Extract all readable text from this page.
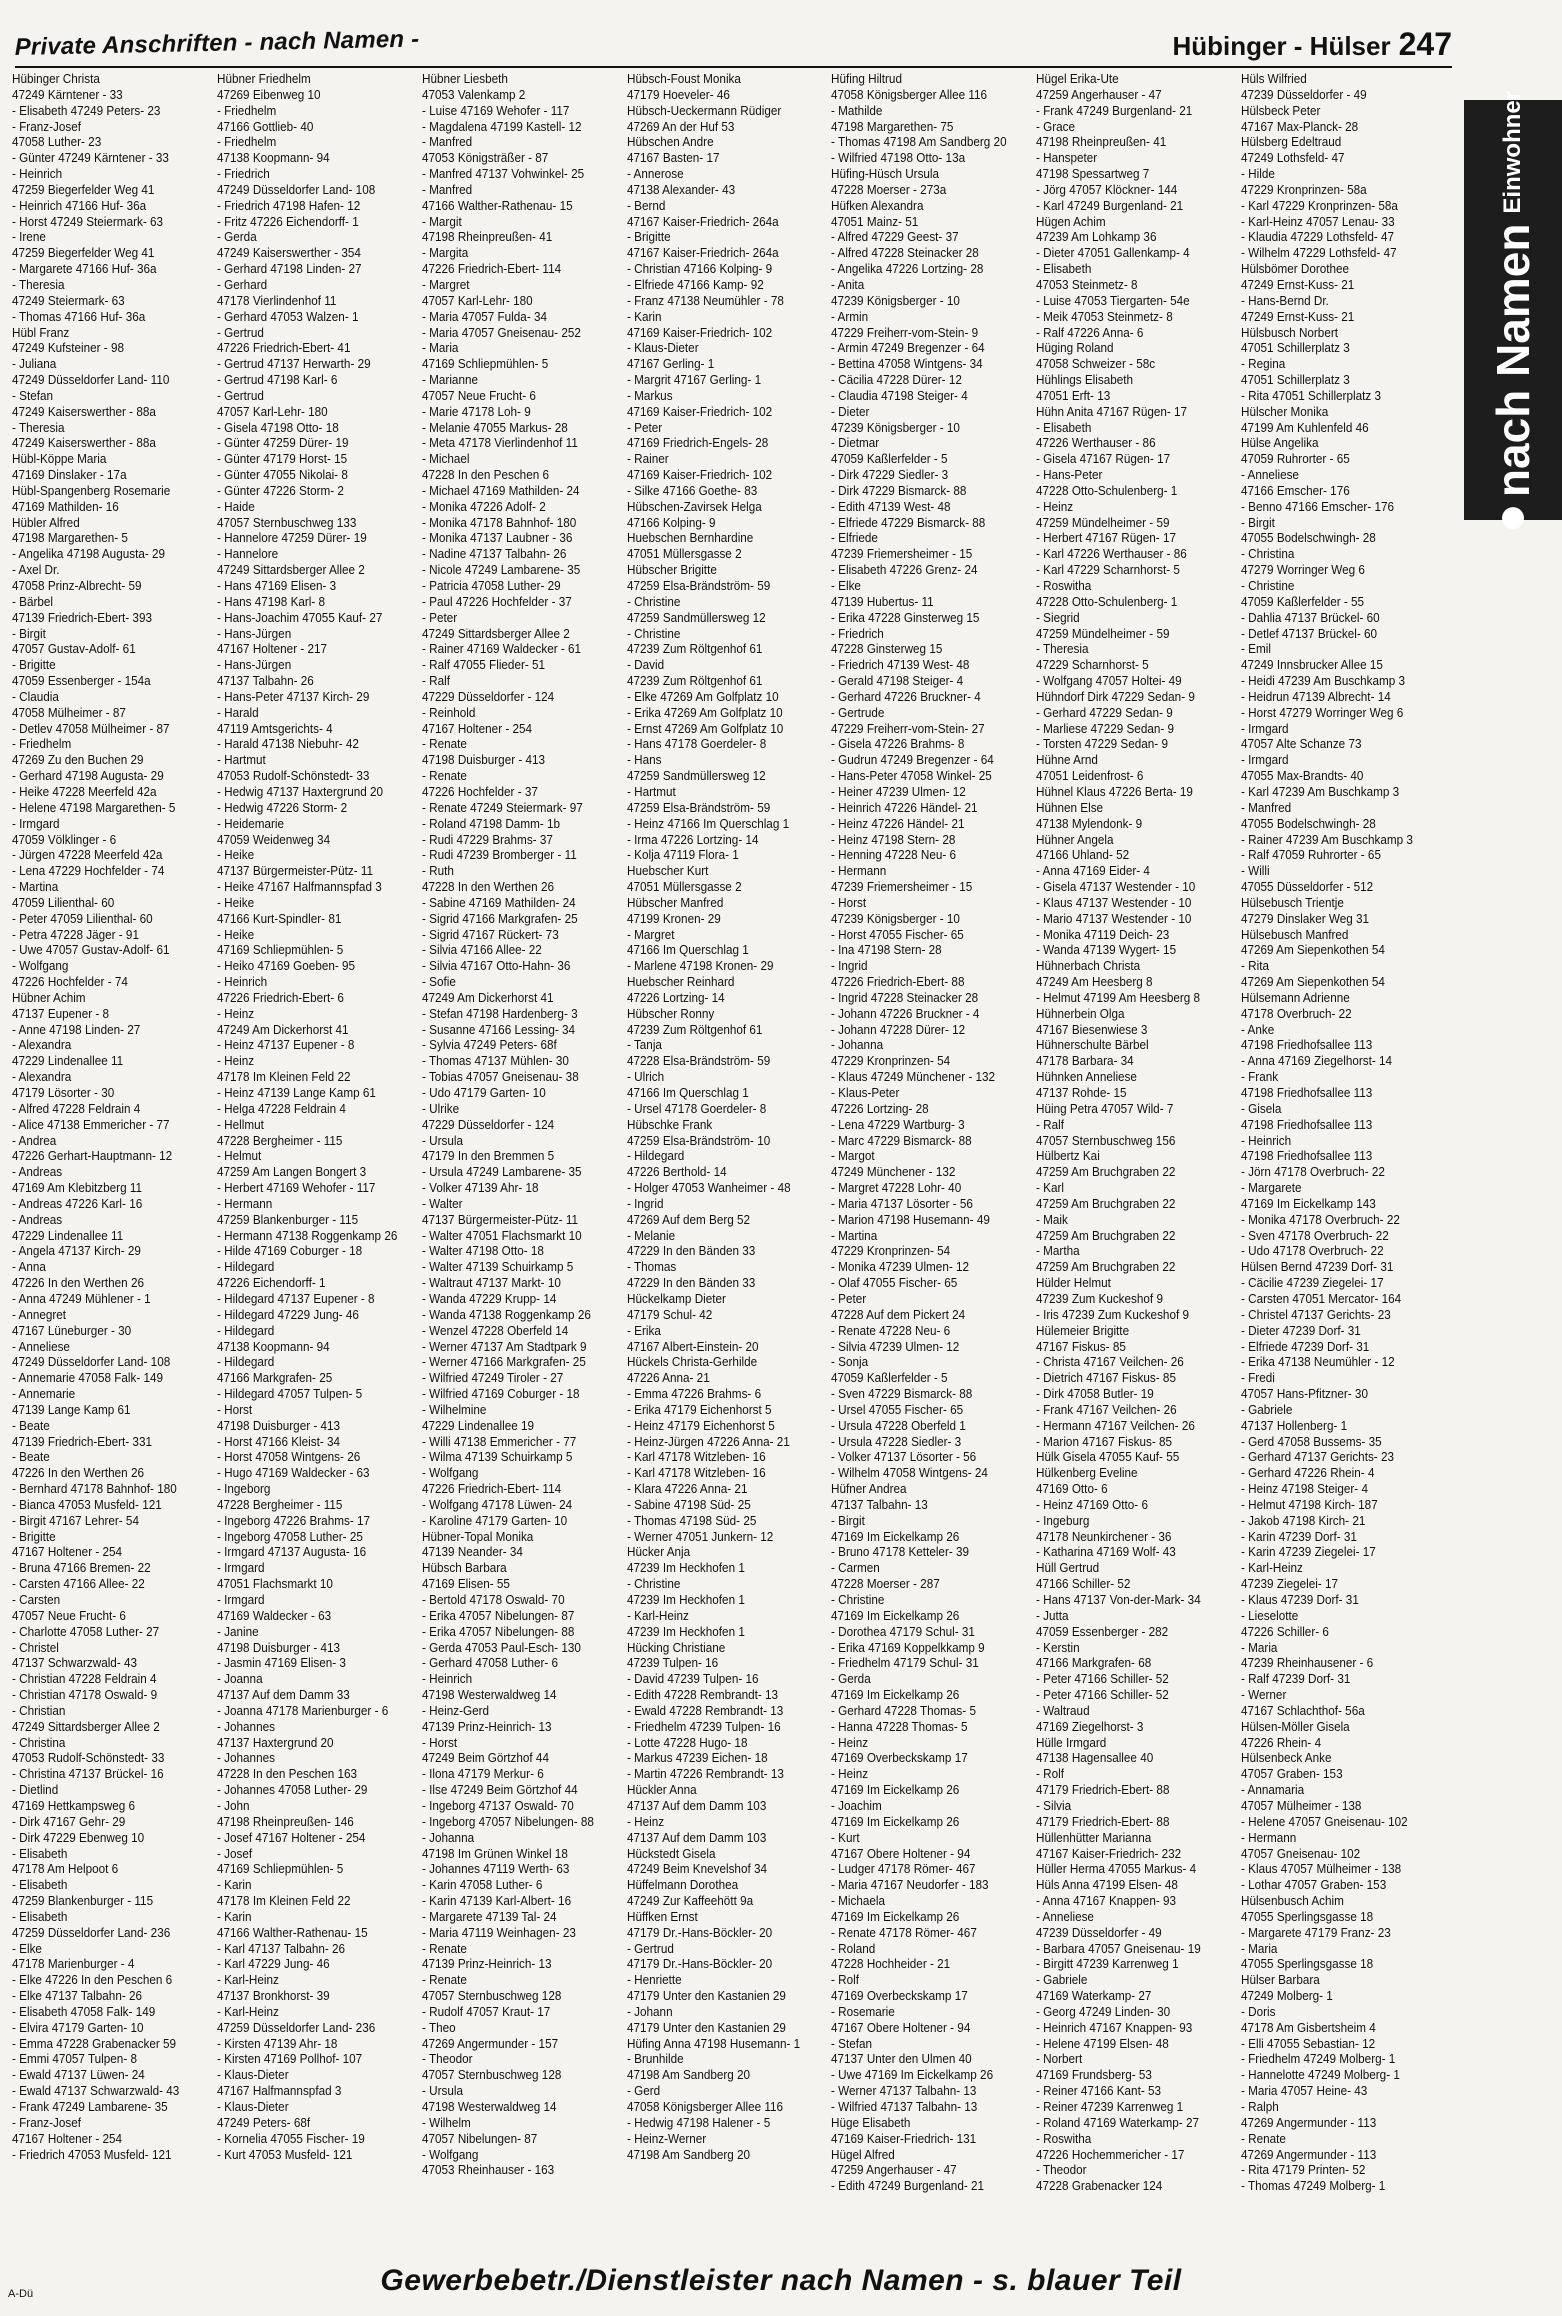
Private Anschriften - nach Namen -	Hübinger - Hülser 247
Hübinger Christa
47249 Kärntener - 33
- Elisabeth 47249 Peters- 23
- Franz-Josef
47058 Luther- 23
- Günter 47249 Kärntener - 33
- Heinrich
47259 Biegerfelder Weg 41
- Heinrich 47166 Huf- 36a
- Horst 47249 Steiermark- 63
- Irene
47259 Biegerfelder Weg 41
- Margarete 47166 Huf- 36a
- Theresia
47249 Steiermark- 63
- Thomas 47166 Huf- 36a
Hübl Franz
47249 Kufsteiner - 98
- Juliana
47249 Düsseldorfer Land- 110
- Stefan
47249 Kaiserswerther - 88a
- Theresia
47249 Kaiserswerther - 88a
Hübl-Köppe Maria
47169 Dinslaker - 17a
Hübl-Spangenberg Rosemarie
47169 Mathilden- 16
Hübler Alfred
47198 Margarethen- 5
- Angelika 47198 Augusta- 29
- Axel Dr.
47058 Prinz-Albrecht- 59
- Bärbel
47139 Friedrich-Ebert- 393
- Birgit
47057 Gustav-Adolf- 61
- Brigitte
47059 Essenberger - 154a
- Claudia
47058 Mülheimer - 87
- Detlev 47058 Mülheimer - 87
- Friedhelm
47269 Zu den Buchen 29
- Gerhard 47198 Augusta- 29
- Heike 47228 Meerfeld 42a
- Helene 47198 Margarethen- 5
- Irmgard
47059 Völklinger - 6
- Jürgen 47228 Meerfeld 42a
- Lena 47229 Hochfelder - 74
- Martina
47059 Lilienthal- 60
- Peter 47059 Lilienthal- 60
- Petra 47228 Jäger - 91
- Uwe 47057 Gustav-Adolf- 61
- Wolfgang
47226 Hochfelder - 74
Hübner Achim
47137 Eupener - 8
- Anne 47198 Linden- 27
- Alexandra
47229 Lindenallee 11
- Alexandra
47179 Lösorter - 30
- Alfred 47228 Feldrain 4
- Alice 47138 Emmericher - 77
- Andrea
47226 Gerhart-Hauptmann- 12
- Andreas
47169 Am Klebitzberg 11
- Andreas 47226 Karl- 16
- Andreas
47229 Lindenallee 11
- Angela 47137 Kirch- 29
- Anna
47226 In den Werthen 26
- Anna 47249 Mühlener - 1
- Annegret
47167 Lüneburger - 30
- Anneliese
47249 Düsseldorfer Land- 108
- Annemarie 47058 Falk- 149
- Annemarie
47139 Lange Kamp 61
- Beate
47139 Friedrich-Ebert- 331
- Beate
47226 In den Werthen 26
- Bernhard 47178 Bahnhof- 180
- Bianca 47053 Musfeld- 121
- Birgit 47167 Lehrer- 54
- Brigitte
47167 Holtener - 254
- Bruna 47166 Bremen- 22
- Carsten 47166 Allee- 22
- Carsten
47057 Neue Frucht- 6
- Charlotte 47058 Luther- 27
- Christel
47137 Schwarzwald- 43
- Christian 47228 Feldrain 4
- Christian 47178 Oswald- 9
- Christian
47249 Sittardsberger Allee 2
- Christina
47053 Rudolf-Schönstedt- 33
- Christina 47137 Brückel- 16
- Dietlind
47169 Hettkampsweg 6
- Dirk 47167 Gehr- 29
- Dirk 47229 Ebenweg 10
- Elisabeth
47178 Am Helpoot 6
- Elisabeth
47259 Blankenburger - 115
- Elisabeth
47259 Düsseldorfer Land- 236
- Elke
47178 Marienburger - 4
- Elke 47226 In den Peschen 6
- Elke 47137 Talbahn- 26
- Elisabeth 47058 Falk- 149
- Elvira 47179 Garten- 10
- Emma 47228 Grabenacker 59
- Emmi 47057 Tulpen- 8
- Ewald 47137 Lüwen- 24
- Ewald 47137 Schwarzwald- 43
- Frank 47249 Lambarene- 35
- Franz-Josef
47167 Holtener - 254
- Friedrich 47053 Musfeld- 121
Hübner Friedhelm
47269 Eibenweg 10
- Friedhelm
47166 Gottlieb- 40
- Friedhelm
47138 Koopmann- 94
- Friedrich
47249 Düsseldorfer Land- 108
- Friedrich 47198 Hafen- 12
- Fritz 47226 Eichendorff- 1
- Gerda
47249 Kaiserswerther - 354
- Gerhard 47198 Linden- 27
- Gerhard
47178 Vierlindenhof 11
- Gerhard 47053 Walzen- 1
- Gertrud
47226 Friedrich-Ebert- 41
- Gertrud 47137 Herwarth- 29
- Gertrud 47198 Karl- 6
- Gertrud
47057 Karl-Lehr- 180
- Gisela 47198 Otto- 18
- Günter 47259 Dürer- 19
- Günter 47179 Horst- 15
- Günter 47055 Nikolai- 8
- Günter 47226 Storm- 2
- Haide
47057 Sternbuschweg 133
- Hannelore 47259 Dürer- 19
- Hannelore
47249 Sittardsberger Allee 2
- Hans 47169 Elisen- 3
- Hans 47198 Karl- 8
- Hans-Joachim 47055 Kauf- 27
- Hans-Jürgen
47167 Holtener - 217
- Hans-Jürgen
47137 Talbahn- 26
- Hans-Peter 47137 Kirch- 29
- Harald
47119 Amtsgerichts- 4
- Harald 47138 Niebuhr- 42
- Hartmut
47053 Rudolf-Schönstedt- 33
- Hedwig 47137 Haxtergrund 20
- Hedwig 47226 Storm- 2
- Heidemarie
47059 Weidenweg 34
- Heike
47137 Bürgermeister-Pütz- 11
- Heike 47167 Halfmannspfad 3
- Heike
47166 Kurt-Spindler- 81
- Heike
47169 Schliepmühlen- 5
- Heiko 47169 Goeben- 95
- Heinrich
47226 Friedrich-Ebert- 6
- Heinz
47249 Am Dickerhorst 41
- Heinz 47137 Eupener - 8
- Heinz
47178 Im Kleinen Feld 22
- Heinz 47139 Lange Kamp 61
- Helga 47228 Feldrain 4
- Hellmut
47228 Bergheimer - 115
- Helmut
47259 Am Langen Bongert 3
- Herbert 47169 Wehofer - 117
- Hermann
47259 Blankenburger - 115
- Hermann 47138 Roggenkamp 26
- Hilde 47169 Coburger - 18
- Hildegard
47226 Eichendorff- 1
- Hildegard 47137 Eupener - 8
- Hildegard 47229 Jung- 46
- Hildegard
47138 Koopmann- 94
- Hildegard
47166 Markgrafen- 25
- Hildegard 47057 Tulpen- 5
- Horst
47198 Duisburger - 413
- Horst 47166 Kleist- 34
- Horst 47058 Wintgens- 26
- Hugo 47169 Waldecker - 63
- Ingeborg
47228 Bergheimer - 115
- Ingeborg 47226 Brahms- 17
- Ingeborg 47058 Luther- 25
- Irmgard 47137 Augusta- 16
- Irmgard
47051 Flachsmarkt 10
- Irmgard
47169 Waldecker - 63
- Janine
47198 Duisburger - 413
- Jasmin 47169 Elisen- 3
- Joanna
47137 Auf dem Damm 33
- Joanna 47178 Marienburger - 6
- Johannes
47137 Haxtergrund 20
- Johannes
47228 In den Peschen 163
- Johannes 47058 Luther- 29
- John
47198 Rheinpreußen- 146
- Josef 47167 Holtener - 254
- Josef
47169 Schliepmühlen- 5
- Karin
47178 Im Kleinen Feld 22
- Karin
47166 Walther-Rathenau- 15
- Karl 47137 Talbahn- 26
- Karl 47229 Jung- 46
- Karl-Heinz
47137 Bronkhorst- 39
- Karl-Heinz
47259 Düsseldorfer Land- 236
- Kirsten 47139 Ahr- 18
- Kirsten 47169 Pollhof- 107
- Klaus-Dieter
47167 Halfmannspfad 3
- Klaus-Dieter
47249 Peters- 68f
- Kornelia 47055 Fischer- 19
- Kurt 47053 Musfeld- 121
Hübner Liesbeth
47053 Valenkamp 2
- Luise 47169 Wehofer - 117
- Magdalena 47199 Kastell- 12
- Manfred
47053 Königsträßer - 87
- Manfred 47137 Vohwinkel- 25
- Manfred
47166 Walther-Rathenau- 15
- Margit
47198 Rheinpreußen- 41
- Margita
47226 Friedrich-Ebert- 114
- Margret
47057 Karl-Lehr- 180
- Maria 47057 Fulda- 34
- Maria 47057 Gneisenau- 252
- Maria
47169 Schliepmühlen- 5
- Marianne
47057 Neue Frucht- 6
- Marie 47178 Loh- 9
- Melanie 47055 Markus- 28
- Meta 47178 Vierlindenhof 11
- Michael
47228 In den Peschen 6
- Michael 47169 Mathilden- 24
- Monika 47226 Adolf- 2
- Monika 47178 Bahnhof- 180
- Monika 47137 Laubner - 36
- Nadine 47137 Talbahn- 26
- Nicole 47249 Lambarene- 35
- Patricia 47058 Luther- 29
- Paul 47226 Hochfelder - 37
- Peter
47249 Sittardsberger Allee 2
- Rainer 47169 Waldecker - 61
- Ralf 47055 Flieder- 51
- Ralf
47229 Düsseldorfer - 124
- Reinhold
47167 Holtener - 254
- Renate
47198 Duisburger - 413
- Renate
47226 Hochfelder - 37
- Renate 47249 Steiermark- 97
- Roland 47198 Damm- 1b
- Rudi 47229 Brahms- 37
- Rudi 47239 Bromberger - 11
- Ruth
47228 In den Werthen 26
- Sabine 47169 Mathilden- 24
- Sigrid 47166 Markgrafen- 25
- Sigrid 47167 Rückert- 73
- Silvia 47166 Allee- 22
- Silvia 47167 Otto-Hahn- 36
- Sofie
47249 Am Dickerhorst 41
- Stefan 47198 Hardenberg- 3
- Susanne 47166 Lessing- 34
- Sylvia 47249 Peters- 68f
- Thomas 47137 Mühlen- 30
- Tobias 47057 Gneisenau- 38
- Udo 47179 Garten- 10
- Ulrike
47229 Düsseldorfer - 124
- Ursula
47179 In den Bremmen 5
- Ursula 47249 Lambarene- 35
- Volker 47139 Ahr- 18
- Walter
47137 Bürgermeister-Pütz- 11
- Walter 47051 Flachsmarkt 10
- Walter 47198 Otto- 18
- Walter 47139 Schuirkamp 5
- Waltraut 47137 Markt- 10
- Wanda 47229 Krupp- 14
- Wanda 47138 Roggenkamp 26
- Wenzel 47228 Oberfeld 14
- Werner 47137 Am Stadtpark 9
- Werner 47166 Markgrafen- 25
- Wilfried 47249 Tiroler - 27
- Wilfried 47169 Coburger - 18
- Wilhelmine
47229 Lindenallee 19
- Willi 47138 Emmericher - 77
- Wilma 47139 Schuirkamp 5
- Wolfgang
47226 Friedrich-Ebert- 114
- Wolfgang 47178 Lüwen- 24
- Karoline 47179 Garten- 10
Hübner-Topal Monika
47139 Neander- 34
Hübsch Barbara
47169 Elisen- 55
- Bertold 47178 Oswald- 70
- Erika 47057 Nibelungen- 87
- Erika 47057 Nibelungen- 88
- Gerda 47053 Paul-Esch- 130
- Gerhard 47058 Luther- 6
- Heinrich
47198 Westerwaldweg 14
- Heinz-Gerd
47139 Prinz-Heinrich- 13
- Horst
47249 Beim Görtzhof 44
- Ilona 47179 Merkur- 6
- Ilse 47249 Beim Görtzhof 44
- Ingeborg 47137 Oswald- 70
- Ingeborg 47057 Nibelungen- 88
- Johanna
47198 Im Grünen Winkel 18
- Johannes 47119 Werth- 63
- Karin 47058 Luther- 6
- Karin 47139 Karl-Albert- 16
- Margarete 47139 Tal- 24
- Maria 47119 Weinhagen- 23
- Renate
47139 Prinz-Heinrich- 13
- Renate
47057 Sternbuschweg 128
- Rudolf 47057 Kraut- 17
- Theo
47269 Angermunder - 157
- Theodor
47057 Sternbuschweg 128
- Ursula
47198 Westerwaldweg 14
- Wilhelm
47057 Nibelungen- 87
- Wolfgang
47053 Rheinhauser - 163
Hübsch-Foust Monika
47179 Hoeveler- 46
Hübsch-Ueckermann Rüdiger
47269 An der Huf 53
Hübschen Andre
47167 Basten- 17
- Annerose
47138 Alexander- 43
- Bernd
47167 Kaiser-Friedrich- 264a
- Brigitte
47167 Kaiser-Friedrich- 264a
- Christian 47166 Kolping- 9
- Elfriede 47166 Kamp- 92
- Franz 47138 Neumühler - 78
- Karin
47169 Kaiser-Friedrich- 102
- Klaus-Dieter
47167 Gerling- 1
- Margrit 47167 Gerling- 1
- Markus
47169 Kaiser-Friedrich- 102
- Peter
47169 Friedrich-Engels- 28
- Rainer
47169 Kaiser-Friedrich- 102
- Silke 47166 Goethe- 83
Hübschen-Zavirsek Helga
47166 Kolping- 9
Huebschen Bernhardine
47051 Müllersgasse 2
Hübscher Brigitte
47259 Elsa-Brändström- 59
- Christine
47259 Sandmüllersweg 12
- Christine
47239 Zum Röltgenhof 61
- David
47239 Zum Röltgenhof 61
- Elke 47269 Am Golfplatz 10
- Erika 47269 Am Golfplatz 10
- Ernst 47269 Am Golfplatz 10
- Hans 47178 Goerdeler- 8
- Hans
47259 Sandmüllersweg 12
- Hartmut
47259 Elsa-Brändström- 59
- Heinz 47166 Im Querschlag 1
- Irma 47226 Lortzing- 14
- Kolja 47119 Flora- 1
Huebscher Kurt
47051 Müllersgasse 2
Hübscher Manfred
47199 Kronen- 29
- Margret
47166 Im Querschlag 1
- Marlene 47198 Kronen- 29
Huebscher Reinhard
47226 Lortzing- 14
Hübscher Ronny
47239 Zum Röltgenhof 61
- Tanja
47228 Elsa-Brändström- 59
- Ulrich
47166 Im Querschlag 1
- Ursel 47178 Goerdeler- 8
Hübschke Frank
47259 Elsa-Brändström- 10
- Hildegard
47226 Berthold- 14
- Holger 47053 Wanheimer - 48
- Ingrid
47269 Auf dem Berg 52
- Melanie
47229 In den Bänden 33
- Thomas
47229 In den Bänden 33
Hückelkamp Dieter
47179 Schul- 42
- Erika
47167 Albert-Einstein- 20
Hückels Christa-Gerhilde
47226 Anna- 21
- Emma 47226 Brahms- 6
- Erika 47179 Eichenhorst 5
- Heinz 47179 Eichenhorst 5
- Heinz-Jürgen 47226 Anna- 21
- Karl 47178 Witzleben- 16
- Karl 47178 Witzleben- 16
- Klara 47226 Anna- 21
- Sabine 47198 Süd- 25
- Thomas 47198 Süd- 25
- Werner 47051 Junkern- 12
Hücker Anja
47239 Im Heckhofen 1
- Christine
47239 Im Heckhofen 1
- Karl-Heinz
47239 Im Heckhofen 1
Hücking Christiane
47239 Tulpen- 16
- David 47239 Tulpen- 16
- Edith 47228 Rembrandt- 13
- Ewald 47228 Rembrandt- 13
- Friedhelm 47239 Tulpen- 16
- Lotte 47228 Hugo- 18
- Markus 47239 Eichen- 18
- Martin 47226 Rembrandt- 13
Hückler Anna
47137 Auf dem Damm 103
- Heinz
47137 Auf dem Damm 103
Hückstedt Gisela
47249 Beim Knevelshof 34
Hüffelmann Dorothea
47249 Zur Kaffeehött 9a
Hüffken Ernst
47179 Dr.-Hans-Böckler- 20
- Gertrud
47179 Dr.-Hans-Böckler- 20
- Henriette
47179 Unter den Kastanien 29
- Johann
47179 Unter den Kastanien 29
Hüfing Anna 47198 Husemann- 1
- Brunhilde
47198 Am Sandberg 20
- Gerd
47058 Königsberger Allee 116
- Hedwig 47198 Halener - 5
- Heinz-Werner
47198 Am Sandberg 20
Hüfing Hiltrud
47058 Königsberger Allee 116
- Mathilde
47198 Margarethen- 75
- Thomas 47198 Am Sandberg 20
- Wilfried 47198 Otto- 13a
Hüfing-Hüsch Ursula
47228 Moerser - 273a
Hüfken Alexandra
47051 Mainz- 51
- Alfred 47229 Geest- 37
- Alfred 47228 Steinacker 28
- Angelika 47226 Lortzing- 28
- Anita
47239 Königsberger - 10
- Armin
47229 Freiherr-vom-Stein- 9
- Armin 47249 Bregenzer - 64
- Bettina 47058 Wintgens- 34
- Cäcilia 47228 Dürer- 12
- Claudia 47198 Steiger- 4
- Dieter
47239 Königsberger - 10
- Dietmar
47059 Kaßlerfelder - 5
- Dirk 47229 Siedler- 3
- Dirk 47229 Bismarck- 88
- Edith 47139 West- 48
- Elfriede 47229 Bismarck- 88
- Elfriede
47239 Friemersheimer - 15
- Elisabeth 47226 Grenz- 24
- Elke
47139 Hubertus- 11
- Erika 47228 Ginsterweg 15
- Friedrich
47228 Ginsterweg 15
- Friedrich 47139 West- 48
- Gerald 47198 Steiger- 4
- Gerhard 47226 Bruckner- 4
- Gertrude
47229 Freiherr-vom-Stein- 27
- Gisela 47226 Brahms- 8
- Gudrun 47249 Bregenzer - 64
- Hans-Peter 47058 Winkel- 25
- Heiner 47239 Ulmen- 12
- Heinrich 47226 Händel- 21
- Heinz 47226 Händel- 21
- Heinz 47198 Stern- 28
- Henning 47228 Neu- 6
- Hermann
47239 Friemersheimer - 15
- Horst
47239 Königsberger - 10
- Horst 47055 Fischer- 65
- Ina 47198 Stern- 28
- Ingrid
47226 Friedrich-Ebert- 88
- Ingrid 47228 Steinacker 28
- Johann 47226 Bruckner - 4
- Johann 47228 Dürer- 12
- Johanna
47229 Kronprinzen- 54
- Klaus 47249 Münchener - 132
- Klaus-Peter
47226 Lortzing- 28
- Lena 47229 Wartburg- 3
- Marc 47229 Bismarck- 88
- Margot
47249 Münchener - 132
- Margret 47228 Lohr- 40
- Maria 47137 Lösorter - 56
- Marion 47198 Husemann- 49
- Martina
47229 Kronprinzen- 54
- Monika 47239 Ulmen- 12
- Olaf 47055 Fischer- 65
- Peter
47228 Auf dem Pickert 24
- Renate 47228 Neu- 6
- Silvia 47239 Ulmen- 12
- Sonja
47059 Kaßlerfelder - 5
- Sven 47229 Bismarck- 88
- Ursel 47055 Fischer- 65
- Ursula 47228 Oberfeld 1
- Ursula 47228 Siedler- 3
- Volker 47137 Lösorter - 56
- Wilhelm 47058 Wintgens- 24
Hüfner Andrea
47137 Talbahn- 13
- Birgit
47169 Im Eickelkamp 26
- Bruno 47178 Ketteler- 39
- Carmen
47228 Moerser - 287
- Christine
47169 Im Eickelkamp 26
- Dorothea 47179 Schul- 31
- Erika 47169 Koppelkkamp 9
- Friedhelm 47179 Schul- 31
- Gerda
47169 Im Eickelkamp 26
- Gerhard 47228 Thomas- 5
- Hanna 47228 Thomas- 5
- Heinz
47169 Overbeckskamp 17
- Heinz
47169 Im Eickelkamp 26
- Joachim
47169 Im Eickelkamp 26
- Kurt
47167 Obere Holtener - 94
- Ludger 47178 Römer- 467
- Maria 47167 Neudorfer - 183
- Michaela
47169 Im Eickelkamp 26
- Renate 47178 Römer- 467
- Roland
47228 Hochheider - 21
- Rolf
47169 Overbeckskamp 17
- Rosemarie
47167 Obere Holtener - 94
- Stefan
47137 Unter den Ulmen 40
- Uwe 47169 Im Eickelkamp 26
- Werner 47137 Talbahn- 13
- Wilfried 47137 Talbahn- 13
Hüge Elisabeth
47169 Kaiser-Friedrich- 131
Hügel Alfred
47259 Angerhauser - 47
- Edith 47249 Burgenland- 21
Hügel Erika-Ute
47259 Angerhauser - 47
- Frank 47249 Burgenland- 21
- Grace
47198 Rheinpreußen- 41
- Hanspeter
47198 Spessartweg 7
- Jörg 47057 Klöckner- 144
- Karl 47249 Burgenland- 21
Hügen Achim
47239 Am Lohkamp 36
- Dieter 47051 Gallenkamp- 4
- Elisabeth
47053 Steinmetz- 8
- Luise 47053 Tiergarten- 54e
- Meik 47053 Steinmetz- 8
- Ralf 47226 Anna- 6
Hüging Roland
47058 Schweizer - 58c
Hühlings Elisabeth
47051 Erft- 13
Hühn Anita 47167 Rügen- 17
- Elisabeth
47226 Werthauser - 86
- Gisela 47167 Rügen- 17
- Hans-Peter
47228 Otto-Schulenberg- 1
- Heinz
47259 Mündelheimer - 59
- Herbert 47167 Rügen- 17
- Karl 47226 Werthauser - 86
- Karl 47229 Scharnhorst- 5
- Roswitha
47228 Otto-Schulenberg- 1
- Siegrid
47259 Mündelheimer - 59
- Theresia
47229 Scharnhorst- 5
- Wolfgang 47057 Holtei- 49
Hühndorf Dirk 47229 Sedan- 9
- Gerhard 47229 Sedan- 9
- Marliese 47229 Sedan- 9
- Torsten 47229 Sedan- 9
Hühne Arnd
47051 Leidenfrost- 6
Hühnel Klaus 47226 Berta- 19
Hühnen Else
47138 Mylendonk- 9
Hühner Angela
47166 Uhland- 52
- Anna 47169 Eider- 4
- Gisela 47137 Westender - 10
- Klaus 47137 Westender - 10
- Mario 47137 Westender - 10
- Monika 47119 Deich- 23
- Wanda 47139 Wygert- 15
Hühnerbach Christa
47249 Am Heesberg 8
- Helmut 47199 Am Heesberg 8
Hühnerbein Olga
47167 Biesenwiese 3
Hühnerschulte Bärbel
47178 Barbara- 34
Hühnken Anneliese
47137 Rohde- 15
Hüing Petra 47057 Wild- 7
- Ralf
47057 Sternbuschweg 156
Hülbertz Kai
47259 Am Bruchgraben 22
- Karl
47259 Am Bruchgraben 22
- Maik
47259 Am Bruchgraben 22
- Martha
47259 Am Bruchgraben 22
Hülder Helmut
47239 Zum Kuckeshof 9
- Iris 47239 Zum Kuckeshof 9
Hülemeier Brigitte
47167 Fiskus- 85
- Christa 47167 Veilchen- 26
- Dietrich 47167 Fiskus- 85
- Dirk 47058 Butler- 19
- Frank 47167 Veilchen- 26
- Hermann 47167 Veilchen- 26
- Marion 47167 Fiskus- 85
Hülk Gisela 47055 Kauf- 55
Hülkenberg Eveline
47169 Otto- 6
- Heinz 47169 Otto- 6
- Ingeburg
47178 Neunkirchener - 36
- Katharina 47169 Wolf- 43
Hüll Gertrud
47166 Schiller- 52
- Hans 47137 Von-der-Mark- 34
- Jutta
47059 Essenberger - 282
- Kerstin
47166 Markgrafen- 68
- Peter 47166 Schiller- 52
- Peter 47166 Schiller- 52
- Waltraud
47169 Ziegelhorst- 3
Hülle Irmgard
47138 Hagensallee 40
- Rolf
47179 Friedrich-Ebert- 88
- Silvia
47179 Friedrich-Ebert- 88
Hüllenhütter Marianna
47167 Kaiser-Friedrich- 232
Hüller Herma 47055 Markus- 4
Hüls Anna 47199 Elsen- 48
- Anna 47167 Knappen- 93
- Anneliese
47239 Düsseldorfer - 49
- Barbara 47057 Gneisenau- 19
- Birgitt 47239 Karrenweg 1
- Gabriele
47169 Waterkamp- 27
- Georg 47249 Linden- 30
- Heinrich 47167 Knappen- 93
- Helene 47199 Elsen- 48
- Norbert
47169 Frundsberg- 53
- Reiner 47166 Kant- 53
- Reiner 47239 Karrenweg 1
- Roland 47169 Waterkamp- 27
- Roswitha
47226 Hochemmericher - 17
- Theodor
47228 Grabenacker 124
Hüls Wilfried
47239 Düsseldorfer - 49
Hülsbeck Peter
47167 Max-Planck- 28
Hülsberg Edeltraud
47249 Lothsfeld- 47
- Hilde
47229 Kronprinzen- 58a
- Karl 47229 Kronprinzen- 58a
- Karl-Heinz 47057 Lenau- 33
- Klaudia 47229 Lothsfeld- 47
- Wilhelm 47229 Lothsfeld- 47
Hülsbömer Dorothee
47249 Ernst-Kuss- 21
- Hans-Bernd Dr.
47249 Ernst-Kuss- 21
Hülsbusch Norbert
47051 Schillerplatz 3
- Regina
47051 Schillerplatz 3
- Rita 47051 Schillerplatz 3
Hülscher Monika
47199 Am Kuhlenfeld 46
Hülse Angelika
47059 Ruhrorter - 65
- Anneliese
47166 Emscher- 176
- Benno 47166 Emscher- 176
- Birgit
47055 Bodelschwingh- 28
- Christina
47279 Worringer Weg 6
- Christine
47059 Kaßlerfelder - 55
- Dahlia 47137 Brückel- 60
- Detlef 47137 Brückel- 60
- Emil
47249 Innsbrucker Allee 15
- Heidi 47239 Am Buschkamp 3
- Heidrun 47139 Albrecht- 14
- Horst 47279 Worringer Weg 6
- Irmgard
47057 Alte Schanze 73
- Irmgard
47055 Max-Brandts- 40
- Karl 47239 Am Buschkamp 3
- Manfred
47055 Bodelschwingh- 28
- Rainer 47239 Am Buschkamp 3
- Ralf 47059 Ruhrorter - 65
- Willi
47055 Düsseldorfer - 512
Hülsebusch Trientje
47279 Dinslaker Weg 31
Hülsebusch Manfred
47269 Am Siepenkothen 54
- Rita
47269 Am Siepenkothen 54
Hülsemann Adrienne
47178 Overbruch- 22
- Anke
47198 Friedhofsallee 113
- Anna 47169 Ziegelhorst- 14
- Frank
47198 Friedhofsallee 113
- Gisela
47198 Friedhofsallee 113
- Heinrich
47198 Friedhofsallee 113
- Jörn 47178 Overbruch- 22
- Margarete
47169 Im Eickelkamp 143
- Monika 47178 Overbruch- 22
- Sven 47178 Overbruch- 22
- Udo 47178 Overbruch- 22
Hülsen Bernd 47239 Dorf- 31
- Cäcilie 47239 Ziegelei- 17
- Carsten 47051 Mercator- 164
- Christel 47137 Gerichts- 23
- Dieter 47239 Dorf- 31
- Elfriede 47239 Dorf- 31
- Erika 47138 Neumühler - 12
- Fredi
47057 Hans-Pfitzner- 30
- Gabriele
47137 Hollenberg- 1
- Gerd 47058 Bussems- 35
- Gerhard 47137 Gerichts- 23
- Gerhard 47226 Rhein- 4
- Heinz 47198 Steiger- 4
- Helmut 47198 Kirch- 187
- Jakob 47198 Kirch- 21
- Karin 47239 Dorf- 31
- Karin 47239 Ziegelei- 17
- Karl-Heinz
47239 Ziegelei- 17
- Klaus 47239 Dorf- 31
- Lieselotte
47226 Schiller- 6
- Maria
47239 Rheinhausener - 6
- Ralf 47239 Dorf- 31
- Werner
47167 Schlachthof- 56a
Hülsen-Möller Gisela
47226 Rhein- 4
Hülsenbeck Anke
47057 Graben- 153
- Annamaria
47057 Mülheimer - 138
- Helene 47057 Gneisenau- 102
- Hermann
47057 Gneisenau- 102
- Klaus 47057 Mülheimer - 138
- Lothar 47057 Graben- 153
Hülsenbusch Achim
47055 Sperlingsgasse 18
- Margarete 47179 Franz- 23
- Maria
47055 Sperlingsgasse 18
Hülser Barbara
47249 Molberg- 1
- Doris
47178 Am Gisbertsheim 4
- Elli 47055 Sebastian- 12
- Friedhelm 47249 Molberg- 1
- Hannelotte 47249 Molberg- 1
- Maria 47057 Heine- 43
- Ralph
47269 Angermunder - 113
- Renate
47269 Angermunder - 113
- Rita 47179 Printen- 52
- Thomas 47249 Molberg- 1
nach Namen
Einwohner
Gewerbebetr./Dienstleister nach Namen - s. blauer Teil
A-Dü
